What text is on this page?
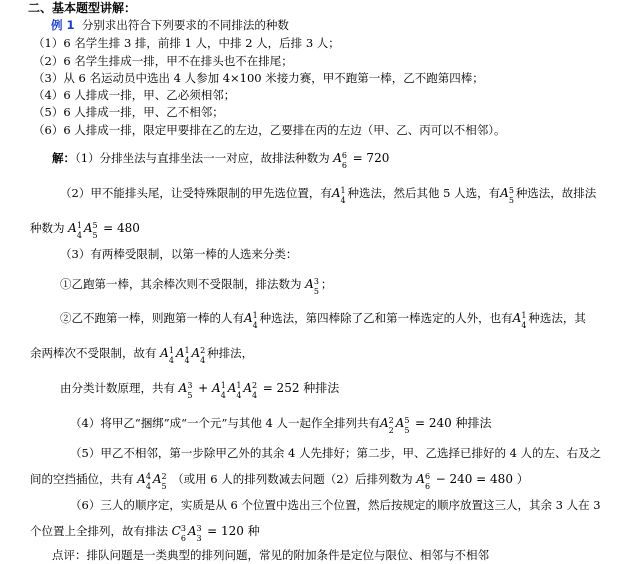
二、基本题型讲解：
例 1 分别求出符合下列要求的不同排法的种数
（1）6 名学生排 3 排，前排 1 人，中排 2 人，后排 3 人；
（2）6 名学生排成一排，甲不在排头也不在排尾；
（3）从 6 名运动员中选出 4 人参加 4×100 米接力赛，甲不跑第一棒，乙不跑第四棒；
（4）6 人排成一排，甲、乙必须相邻；
（5）6 人排成一排，甲、乙不相邻；
（6）6 人排成一排，限定甲要排在乙的左边，乙要排在丙的左边（甲、乙、丙可以不相邻）。
解：（1）分排坐法与直排坐法一一对应，故排法种数为 A 6
6
= 720
（2）甲不能排头尾，让受特殊限制的甲先选位置，有A 1
4
种选法，然后其他 5 人选，有A 5
5
种选法，故排法
种数为 A 1
4
A 5
5
= 480
（3）有两棒受限制，以第一棒的人选来分类：
①乙跑第一棒，其余棒次则不受限制，排法数为 A 3
5
；
②乙不跑第一棒，则跑第一棒的人有A 1
4
种选法，第四棒除了乙和第一棒选定的人外，也有A 1
4
种选法，其
余两棒次不受限制，故有 A 1
4
A 1
4
A 2
4
种排法，
由分类计数原理，共有 A 3
5
+ A 1
4
A 1
4
A 2
4
= 252 种排法
（4）将甲乙“捆绑”成“一个元”与其他 4 人一起作全排列共有A 2
2
A 5
5
= 240 种排法
（5）甲乙不相邻，第一步除甲乙外的其余 4 人先排好；第二步，甲、乙选择已排好的 4 人的左、右及之
间的空挡插位，共有 A 4
4
A 2
5
（或用 6 人的排列数减去问题（2）后排列数为 A 6
6
− 240 = 480 ）
（6）三人的顺序定，实质是从 6 个位置中选出三个位置，然后按规定的顺序放置这三人，其余 3 人在 3
个位置上全排列，故有排法 C 3
6
A 3
3
= 120 种
点评：排队问题是一类典型的排列问题，常见的附加条件是定位与限位、相邻与不相邻
